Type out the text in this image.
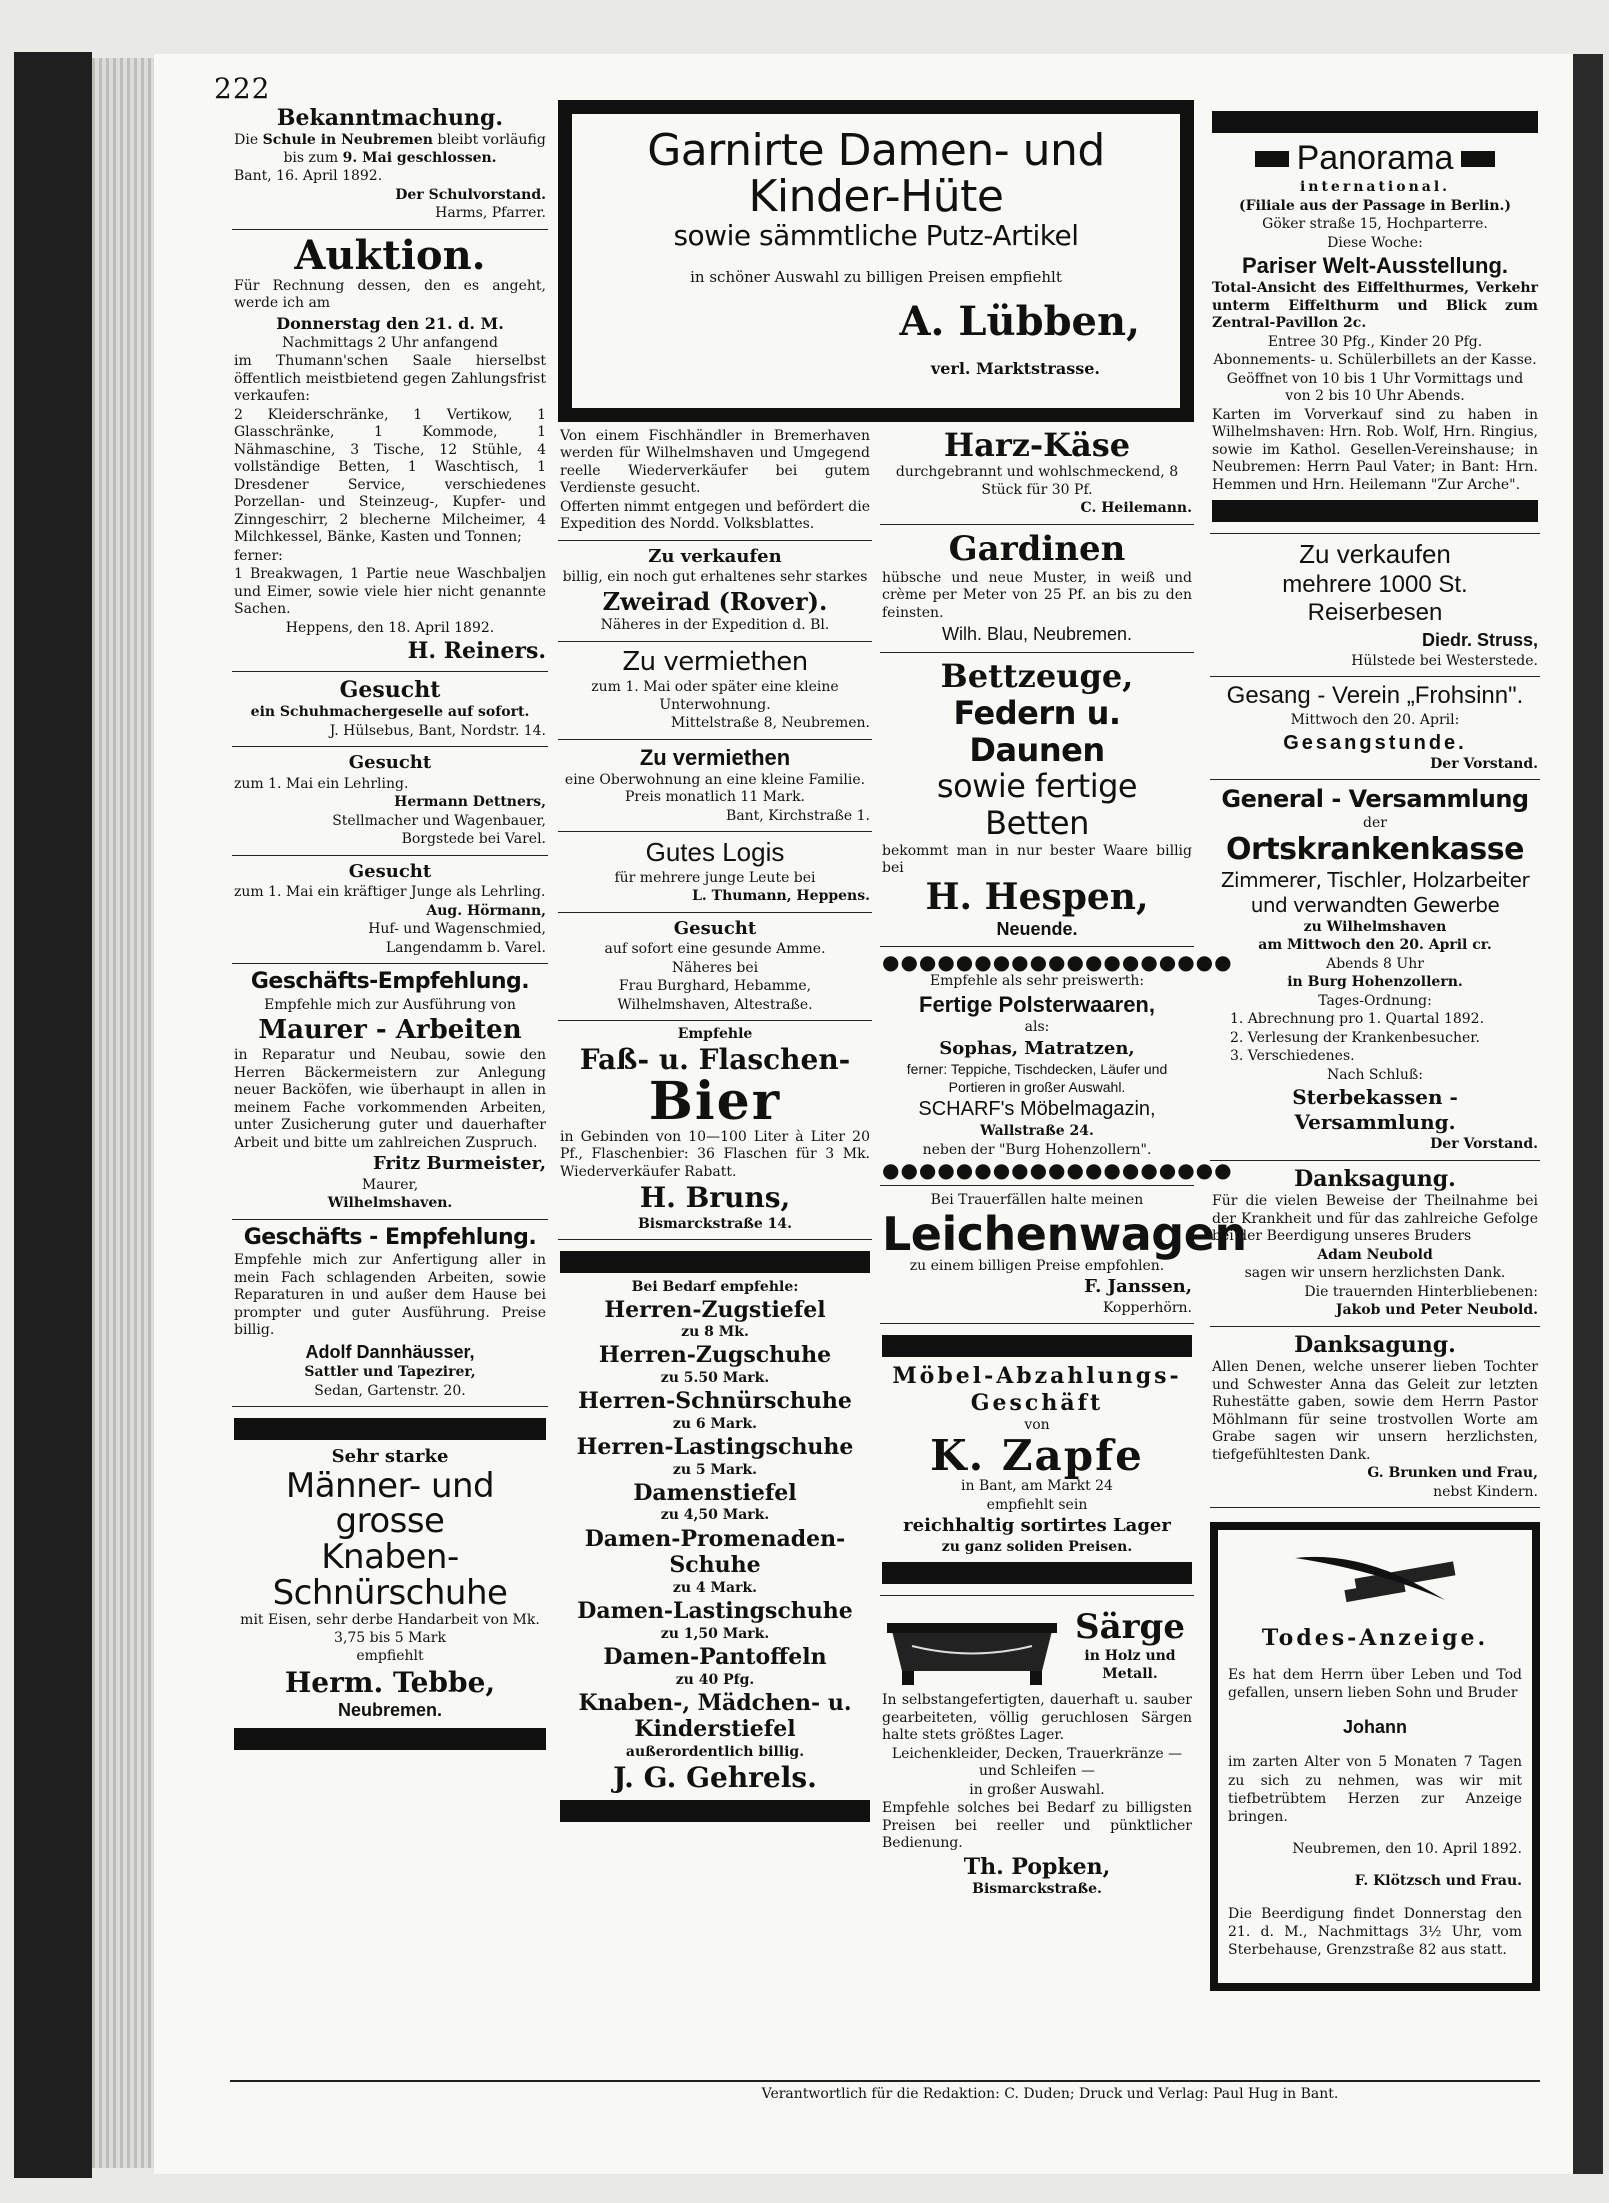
222
Bekanntmachung.

Die Schule in Neubremen bleibt vorläufig bis zum 9. Mai geschlossen.

Bant, 16. April 1892.

Der Schulvorstand.

Harms, Pfarrer.

Auktion.

Für Rechnung dessen, den es angeht, werde ich am

Donnerstag den 21. d. M.

Nachmittags 2 Uhr anfangend

im Thumann'schen Saale hierselbst öffentlich meistbietend gegen Zahlungsfrist verkaufen:

2 Kleiderschränke, 1 Vertikow, 1 Glasschränke, 1 Kommode, 1 Nähmaschine, 3 Tische, 12 Stühle, 4 vollständige Betten, 1 Waschtisch, 1 Dresdener Service, verschiedenes Porzellan- und Steinzeug-, Kupfer- und Zinngeschirr, 2 blecherne Milcheimer, 4 Milchkessel, Bänke, Kasten und Tonnen;

ferner:

1 Breakwagen, 1 Partie neue Waschbaljen und Eimer, sowie viele hier nicht genannte Sachen.

Heppens, den 18. April 1892.

H. Reiners.

Gesucht

ein Schuhmachergeselle auf sofort.

J. Hülsebus, Bant, Nordstr. 14.

Gesucht

zum 1. Mai ein Lehrling.

Hermann Dettners,

Stellmacher und Wagenbauer,

Borgstede bei Varel.

Gesucht

zum 1. Mai ein kräftiger Junge als Lehrling.

Aug. Hörmann,

Huf- und Wagenschmied,

Langendamm b. Varel.

Geschäfts-Empfehlung.

Empfehle mich zur Ausführung von

Maurer - Arbeiten

in Reparatur und Neubau, sowie den Herren Bäckermeistern zur Anlegung neuer Backöfen, wie überhaupt in allen in meinem Fache vorkommenden Arbeiten, unter Zusicherung guter und dauerhafter Arbeit und bitte um zahlreichen Zuspruch.

Fritz Burmeister,

Maurer,

Wilhelmshaven.

Geschäfts - Empfehlung.

Empfehle mich zur Anfertigung aller in mein Fach schlagenden Arbeiten, sowie Reparaturen in und außer dem Hause bei prompter und guter Ausführung. Preise billig.

Adolf Dannhäusser,

Sattler und Tapezirer,

Sedan, Gartenstr. 20.

Sehr starke
Männer- und grosse
Knaben-
Schnürschuhe

mit Eisen, sehr derbe Handarbeit von Mk. 3,75 bis 5 Mark

empfiehlt

Herm. Tebbe,
Neubremen.
Garnirte Damen- und Kinder-Hüte
sowie sämmtliche Putz-Artikel

in schöner Auswahl zu billigen Preisen empfiehlt

A. Lübben,

verl. Marktstrasse.

Von einem Fischhändler in Bremerhaven werden für Wilhelmshaven und Umgegend reelle Wiederverkäufer bei gutem Verdienste gesucht.

Offerten nimmt entgegen und befördert die Expedition des Nordd. Volksblattes.

Zu verkaufen

billig, ein noch gut erhaltenes sehr starkes

Zweirad (Rover).

Näheres in der Expedition d. Bl.

Zu vermiethen

zum 1. Mai oder später eine kleine Unterwohnung.

Mittelstraße 8, Neubremen.

Zu vermiethen

eine Oberwohnung an eine kleine Familie. Preis monatlich 11 Mark.

Bant, Kirchstraße 1.

Gutes Logis

für mehrere junge Leute bei

L. Thumann, Heppens.

Gesucht

auf sofort eine gesunde Amme.

Näheres bei

Frau Burghard, Hebamme,

Wilhelmshaven, Altestraße.

Empfehle
Faß- u. Flaschen-
Bier

in Gebinden von 10—100 Liter à Liter 20 Pf., Flaschenbier: 36 Flaschen für 3 Mk. Wiederverkäufer Rabatt.

H. Bruns,

Bismarckstraße 14.

Bei Bedarf empfehle:
Herren-Zugstiefel

zu 8 Mk.

Herren-Zugschuhe

zu 5.50 Mark.

Herren-Schnürschuhe

zu 6 Mark.

Herren-Lastingschuhe

zu 5 Mark.

Damenstiefel

zu 4,50 Mark.

Damen-Promenaden-Schuhe

zu 4 Mark.

Damen-Lastingschuhe

zu 1,50 Mark.

Damen-Pantoffeln

zu 40 Pfg.

Knaben-, Mädchen- u. Kinderstiefel

außerordentlich billig.

J. G. Gehrels.
Harz-Käse

durchgebrannt und wohlschmeckend, 8 Stück für 30 Pf.

C. Heilemann.

Gardinen

hübsche und neue Muster, in weiß und crème per Meter von 25 Pf. an bis zu den feinsten.

Wilh. Blau, Neubremen.

Bettzeuge,
Federn u. Daunen
sowie fertige Betten

bekommt man in nur bester Waare billig bei

H. Hespen,

Neuende.

●●●●●●●●●●●●●●●●●●●

Empfehle als sehr preiswerth:

Fertige Polsterwaaren,

als:

Sophas, Matratzen,

ferner: Teppiche, Tischdecken, Läufer und Portieren in großer Auswahl.

SCHARF's Möbelmagazin,

Wallstraße 24.

neben der "Burg Hohenzollern".

●●●●●●●●●●●●●●●●●●●

Bei Trauerfällen halte meinen

Leichenwagen

zu einem billigen Preise empfohlen.

F. Janssen,

Kopperhörn.

Möbel-Abzahlungs-
Geschäft

von

K. Zapfe

in Bant, am Markt 24

empfiehlt sein

reichhaltig sortirtes Lager

zu ganz soliden Preisen.

Särge

in Holz und Metall.

In selbstangefertigten, dauerhaft u. sauber gearbeiteten, völlig geruchlosen Särgen halte stets größtes Lager.

Leichenkleider, Decken, Trauerkränze — und Schleifen —

in großer Auswahl.

Empfehle solches bei Bedarf zu billigsten Preisen bei reeller und pünktlicher Bedienung.

Th. Popken,

Bismarckstraße.

Panorama

international.

(Filiale aus der Passage in Berlin.)

Göker straße 15, Hochparterre.

Diese Woche:

Pariser Welt-Ausstellung.

Total-Ansicht des Eiffelthurmes, Verkehr unterm Eiffelthurm und Blick zum Zentral-Pavillon 2c.

Entree 30 Pfg., Kinder 20 Pfg.

Abonnements- u. Schülerbillets an der Kasse.

Geöffnet von 10 bis 1 Uhr Vormittags und von 2 bis 10 Uhr Abends.

Karten im Vorverkauf sind zu haben in Wilhelmshaven: Hrn. Rob. Wolf, Hrn. Ringius, sowie im Kathol. Gesellen-Vereinshause; in Neubremen: Herrn Paul Vater; in Bant: Hrn. Hemmen und Hrn. Heilemann "Zur Arche".

Zu verkaufen
mehrere 1000 St. Reiserbesen

Diedr. Struss,

Hülstede bei Westerstede.

Gesang - Verein „Frohsinn".

Mittwoch den 20. April:

Gesangstunde.

Der Vorstand.

General - Versammlung

der

Ortskrankenkasse
Zimmerer, Tischler, Holzarbeiter und verwandten Gewerbe

zu Wilhelmshaven

am Mittwoch den 20. April cr.

Abends 8 Uhr

in Burg Hohenzollern.

Tages-Ordnung:

1. Abrechnung pro 1. Quartal 1892.

2. Verlesung der Krankenbesucher.

3. Verschiedenes.

Nach Schluß:

Sterbekassen - Versammlung.

Der Vorstand.

Danksagung.

Für die vielen Beweise der Theilnahme bei der Krankheit und für das zahlreiche Gefolge bei der Beerdigung unseres Bruders

Adam Neubold

sagen wir unsern herzlichsten Dank.

Die trauernden Hinterbliebenen:

Jakob und Peter Neubold.

Danksagung.

Allen Denen, welche unserer lieben Tochter und Schwester Anna das Geleit zur letzten Ruhestätte gaben, sowie dem Herrn Pastor Möhlmann für seine trostvollen Worte am Grabe sagen wir unsern herzlichsten, tiefgefühltesten Dank.

G. Brunken und Frau,

nebst Kindern.

Todes-Anzeige.

Es hat dem Herrn über Leben und Tod gefallen, unsern lieben Sohn und Bruder

Johann

im zarten Alter von 5 Monaten 7 Tagen zu sich zu nehmen, was wir mit tiefbetrübtem Herzen zur Anzeige bringen.

Neubremen, den 10. April 1892.

F. Klötzsch und Frau.

Die Beerdigung findet Donnerstag den 21. d. M., Nachmittags 3½ Uhr, vom Sterbehause, Grenzstraße 82 aus statt.

Verantwortlich für die Redaktion: C. Duden; Druck und Verlag: Paul Hug in Bant.
